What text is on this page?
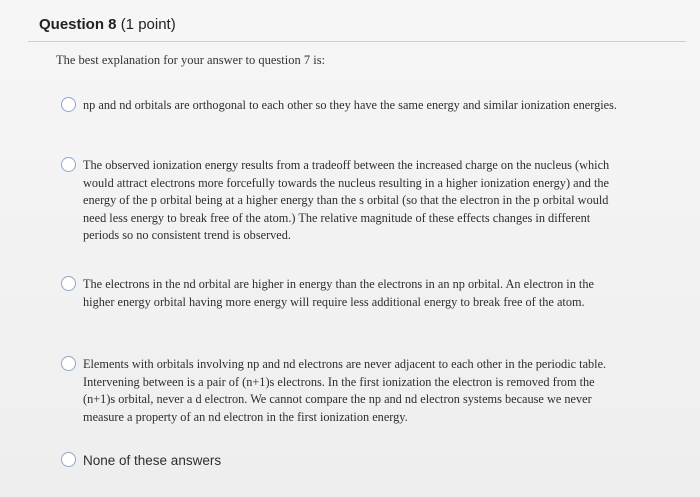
Question 8 (1 point)
The best explanation for your answer to question 7 is:
np and nd orbitals are orthogonal to each other so they have the same energy and similar ionization energies.
The observed ionization energy results from a tradeoff between the increased charge on the nucleus (which would attract electrons more forcefully towards the nucleus resulting in a higher ionization energy) and the energy of the p orbital being at a higher energy than the s orbital (so that the electron in the p orbital would need less energy to break free of the atom.) The relative magnitude of these effects changes in different periods so no consistent trend is observed.
The electrons in the nd orbital are higher in energy than the electrons in an np orbital. An electron in the higher energy orbital having more energy will require less additional energy to break free of the atom.
Elements with orbitals involving np and nd electrons are never adjacent to each other in the periodic table. Intervening between is a pair of (n+1)s electrons. In the first ionization the electron is removed from the (n+1)s orbital, never a d electron. We cannot compare the np and nd electron systems because we never measure a property of an nd electron in the first ionization energy.
None of these answers
